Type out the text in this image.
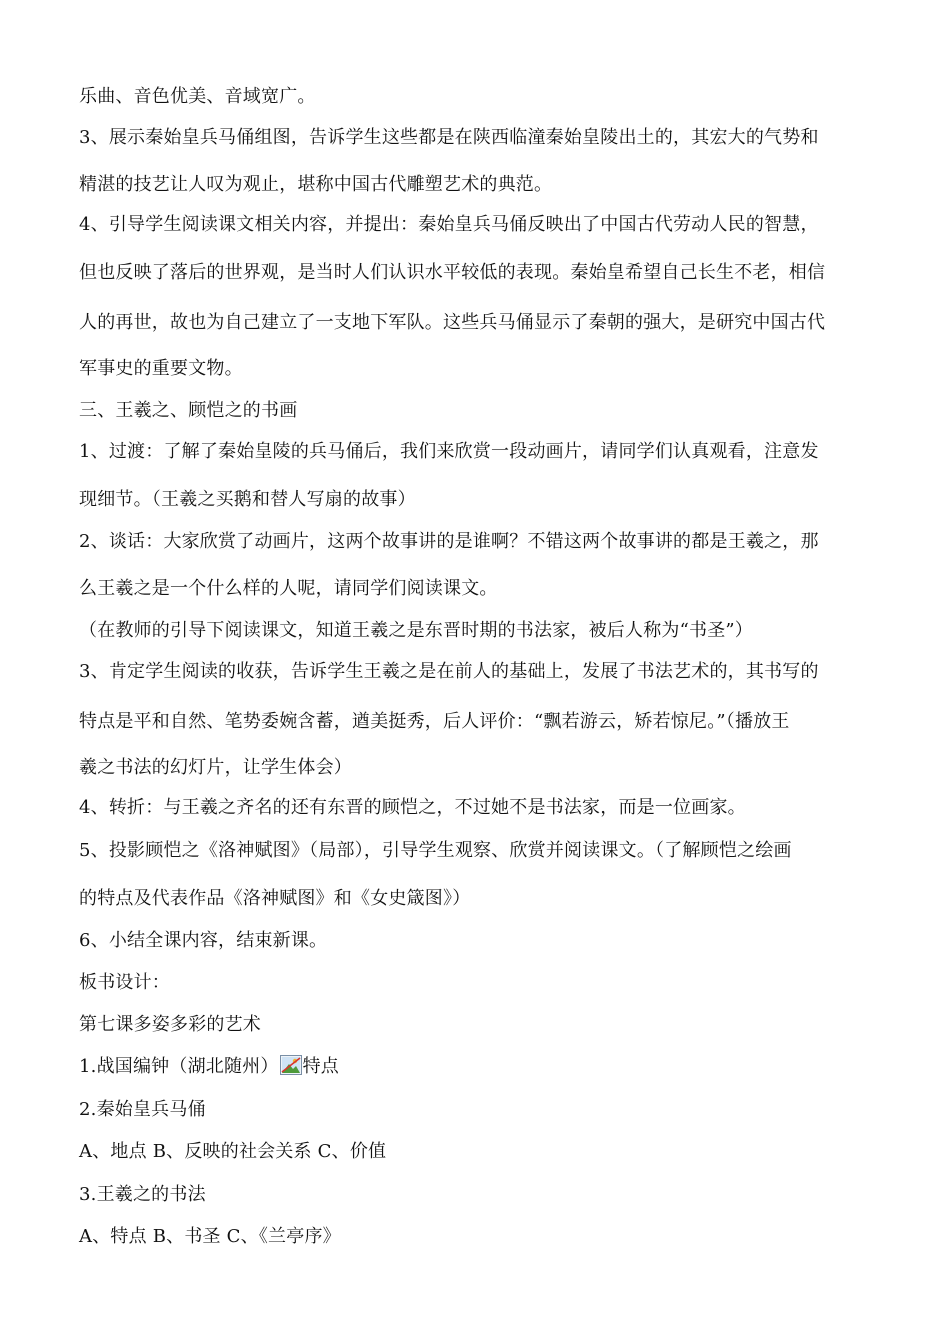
乐曲、音色优美、音域宽广。
3、展示秦始皇兵马俑组图，告诉学生这些都是在陕西临潼秦始皇陵出土的，其宏大的气势和
精湛的技艺让人叹为观止，堪称中国古代雕塑艺术的典范。
4、引导学生阅读课文相关内容，并提出：秦始皇兵马俑反映出了中国古代劳动人民的智慧，
但也反映了落后的世界观，是当时人们认识水平较低的表现。秦始皇希望自己长生不老，相信
人的再世，故也为自己建立了一支地下军队。这些兵马俑显示了秦朝的强大，是研究中国古代
军事史的重要文物。
三、王羲之、顾恺之的书画
1、过渡：了解了秦始皇陵的兵马俑后，我们来欣赏一段动画片，请同学们认真观看，注意发
现细节。（王羲之买鹅和替人写扇的故事）
2、谈话：大家欣赏了动画片，这两个故事讲的是谁啊？不错这两个故事讲的都是王羲之，那
么王羲之是一个什么样的人呢，请同学们阅读课文。
（在教师的引导下阅读课文，知道王羲之是东晋时期的书法家，被后人称为“书圣”）
3、肯定学生阅读的收获，告诉学生王羲之是在前人的基础上，发展了书法艺术的，其书写的
特点是平和自然、笔势委婉含蓄，遒美挺秀，后人评价：“飘若游云，矫若惊尼。”（播放王
羲之书法的幻灯片，让学生体会）
4、转折：与王羲之齐名的还有东晋的顾恺之，不过她不是书法家，而是一位画家。
5、投影顾恺之《洛神赋图》（局部），引导学生观察、欣赏并阅读课文。（了解顾恺之绘画
的特点及代表作品《洛神赋图》和《女史箴图》）
6、小结全课内容，结束新课。
板书设计：
第七课多姿多彩的艺术
1.战国编钟（湖北随州） 特点
2.秦始皇兵马俑
A、地点 B、反映的社会关系 C、价值
3.王羲之的书法
A、特点 B、书圣 C、《兰亭序》
